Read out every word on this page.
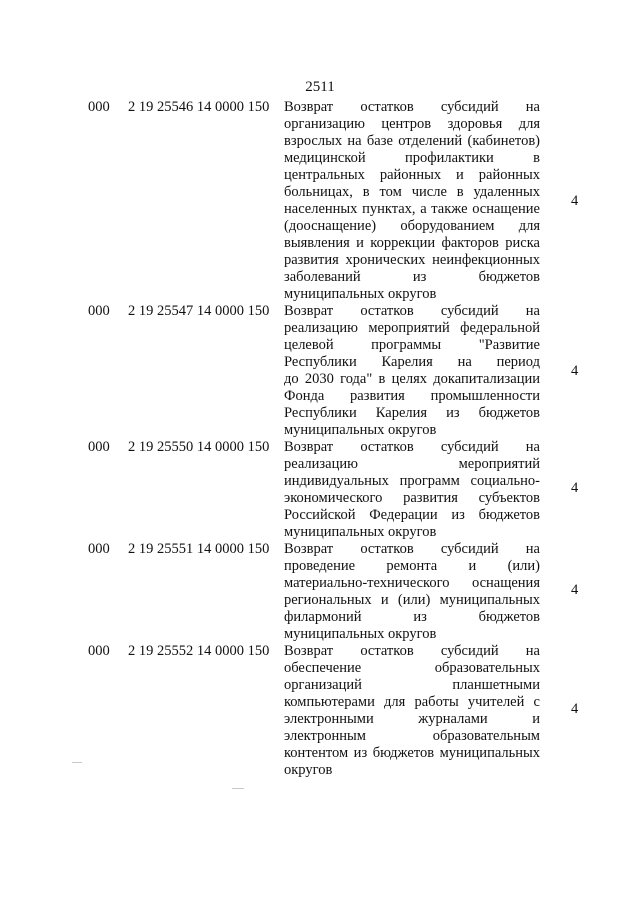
2511
000 2 19 25546 14 0000 150 Возврат остатков субсидий на
организацию центров здоровья для
взрослых на базе отделений (кабинетов)
медицинской профилактики в
центральных районных и районных
больницах, в том числе в удаленных
населенных пунктах, а также оснащение
(дооснащение) оборудованием для
выявления и коррекции факторов риска
развития хронических неинфекционных
заболеваний из бюджетов
муниципальных округов
4
000 2 19 25547 14 0000 150 Возврат остатков субсидий на
реализацию мероприятий федеральной
целевой программы "Развитие
Республики Карелия на период
до 2030 года" в целях докапитализации
Фонда развития промышленности
Республики Карелия из бюджетов
муниципальных округов
4
000 2 19 25550 14 0000 150 Возврат остатков субсидий на
реализацию мероприятий
индивидуальных программ социально-
экономического развития субъектов
Российской Федерации из бюджетов
муниципальных округов
4
000 2 19 25551 14 0000 150 Возврат остатков субсидий на
проведение ремонта и (или)
материально-технического оснащения
региональных и (или) муниципальных
филармоний из бюджетов
муниципальных округов
4
000 2 19 25552 14 0000 150 Возврат остатков субсидий на
обеспечение образовательных
организаций планшетными
компьютерами для работы учителей с
электронными журналами и
электронным образовательным
контентом из бюджетов муниципальных
округов
4
